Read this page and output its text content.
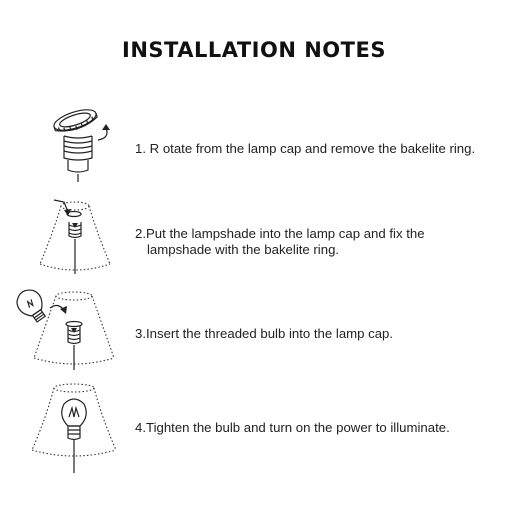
INSTALLATION NOTES
1. R otate from the lamp cap and remove the bakelite ring.
2.Put the lampshade into the lamp cap and fix the
lampshade with the bakelite ring.
3.Insert the threaded bulb into the lamp cap.
4.Tighten the bulb and turn on the power to illuminate.
